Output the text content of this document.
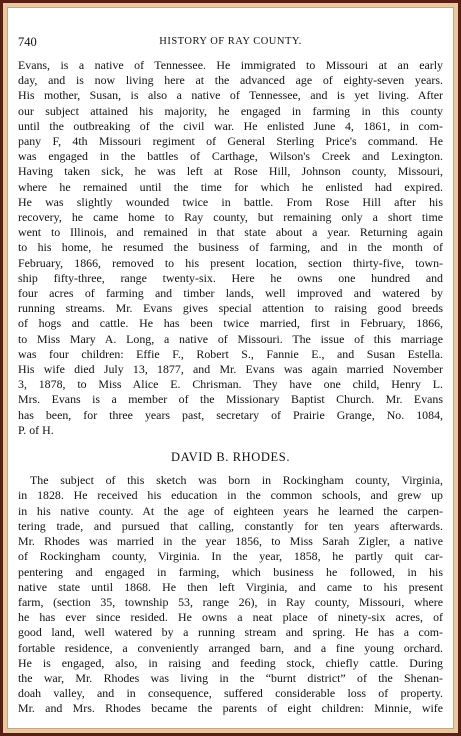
740	HISTORY OF RAY COUNTY.
Evans, is a native of Tennessee. He immigrated to Missouri at an early
day, and is now living here at the advanced age of eighty-seven years.
His mother, Susan, is also a native of Tennessee, and is yet living. After
our subject attained his majority, he engaged in farming in this county
until the outbreaking of the civil war. He enlisted June 4, 1861, in com-
pany F, 4th Missouri regiment of General Sterling Price's command. He
was engaged in the battles of Carthage, Wilson's Creek and Lexington.
Having taken sick, he was left at Rose Hill, Johnson county, Missouri,
where he remained until the time for which he enlisted had expired.
He was slightly wounded twice in battle. From Rose Hill after his
recovery, he came home to Ray county, but remaining only a short time
went to Illinois, and remained in that state about a year. Returning again
to his home, he resumed the business of farming, and in the month of
February, 1866, removed to his present location, section thirty-five, town-
ship fifty-three, range twenty-six. Here he owns one hundred and
four acres of farming and timber lands, well improved and watered by
running streams. Mr. Evans gives special attention to raising good breeds
of hogs and cattle. He has been twice married, first in February, 1866,
to Miss Mary A. Long, a native of Missouri. The issue of this marriage
was four children: Effie F., Robert S., Fannie E., and Susan Estella.
His wife died July 13, 1877, and Mr. Evans was again married November
3, 1878, to Miss Alice E. Chrisman. They have one child, Henry L.
Mrs. Evans is a member of the Missionary Baptist Church. Mr. Evans
has been, for three years past, secretary of Prairie Grange, No. 1084,
P. of H.
DAVID B. RHODES.
The subject of this sketch was born in Rockingham county, Virginia,
in 1828. He received his education in the common schools, and grew up
in his native county. At the age of eighteen years he learned the carpen-
tering trade, and pursued that calling, constantly for ten years afterwards.
Mr. Rhodes was married in the year 1856, to Miss Sarah Zigler, a native
of Rockingham county, Virginia. In the year, 1858, he partly quit car-
pentering and engaged in farming, which business he followed, in his
native state until 1868. He then left Virginia, and came to his present
farm, (section 35, township 53, range 26), in Ray county, Missouri, where
he has ever since resided. He owns a neat place of ninety-six acres, of
good land, well watered by a running stream and spring. He has a com-
fortable residence, a conveniently arranged barn, and a fine young orchard.
He is engaged, also, in raising and feeding stock, chiefly cattle. During
the war, Mr. Rhodes was living in the “burnt district” of the Shenan-
doah valley, and in consequence, suffered considerable loss of property.
Mr. and Mrs. Rhodes became the parents of eight children: Minnie, wife
